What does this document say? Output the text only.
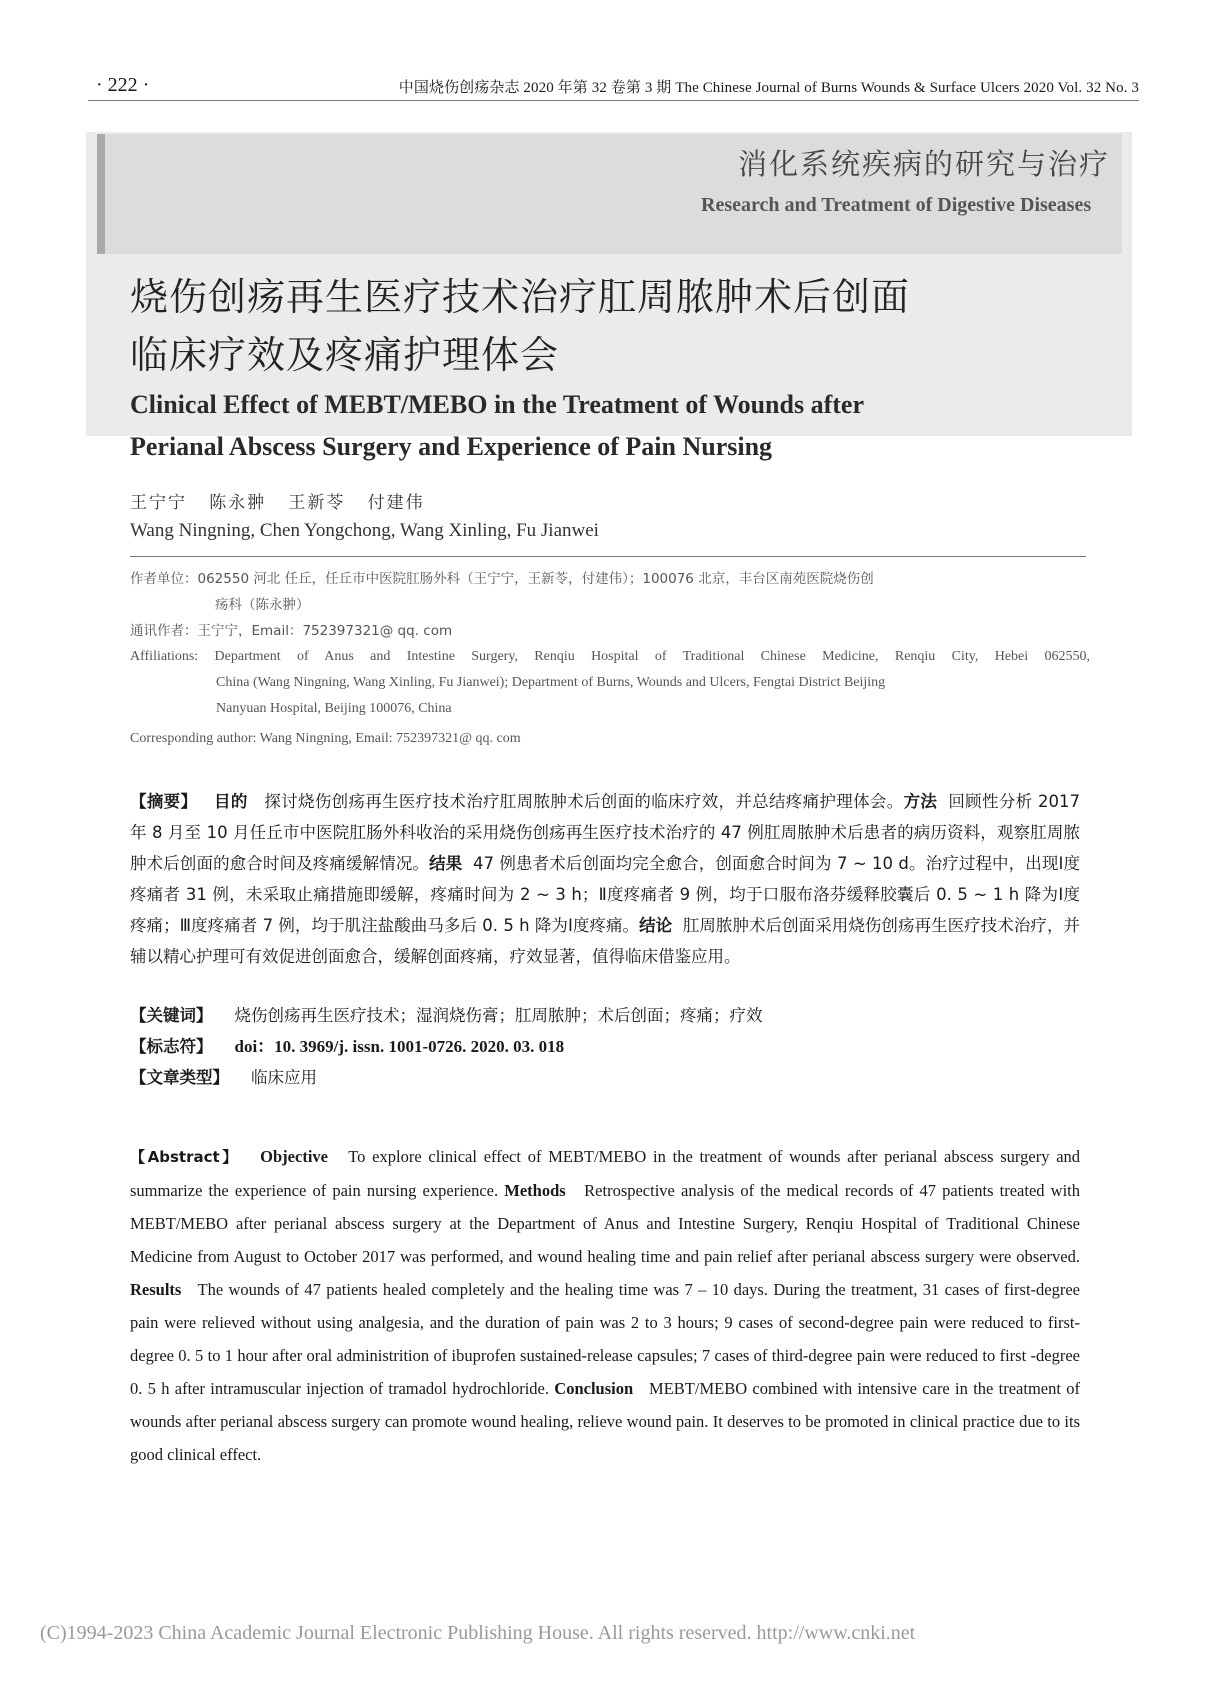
· 222 ·	中国烧伤创疡杂志 2020 年第 32 卷第 3 期 The Chinese Journal of Burns Wounds & Surface Ulcers 2020 Vol. 32 No. 3
消化系统疾病的研究与治疗
Research and Treatment of Digestive Diseases
烧伤创疡再生医疗技术治疗肛周脓肿术后创面
临床疗效及疼痛护理体会
Clinical Effect of MEBT/MEBO in the Treatment of Wounds after
Perianal Abscess Surgery and Experience of Pain Nursing
王宁宁   陈永翀   王新苓   付建伟
Wang Ningning, Chen Yongchong, Wang Xinling, Fu Jianwei
作者单位：062550 河北 任丘，任丘市中医院肛肠外科（王宁宁，王新苓，付建伟）；100076 北京，丰台区南苑医院烧伤创
疡科（陈永翀）
通讯作者：王宁宁，Email：752397321@ qq. com
Affiliations: Department of Anus and Intestine Surgery, Renqiu Hospital of Traditional Chinese Medicine, Renqiu City, Hebei 062550,
China (Wang Ningning, Wang Xinling, Fu Jianwei); Department of Burns, Wounds and Ulcers, Fengtai District Beijing
Nanyuan Hospital, Beijing 100076, China
Corresponding author: Wang Ningning, Email: 752397321@ qq. com
【摘要】 目的 探讨烧伤创疡再生医疗技术治疗肛周脓肿术后创面的临床疗效，并总结疼痛护理体会。方法 回顾性分析 2017 年 8 月至 10 月任丘市中医院肛肠外科收治的采用烧伤创疡再生医疗技术治疗的 47 例肛周脓肿术后患者的病历资料，观察肛周脓肿术后创面的愈合时间及疼痛缓解情况。结果 47 例患者术后创面均完全愈合，创面愈合时间为 7 ~ 10 d。治疗过程中，出现Ⅰ度疼痛者 31 例，未采取止痛措施即缓解，疼痛时间为 2 ~ 3 h；Ⅱ度疼痛者 9 例，均于口服布洛芬缓释胶囊后 0. 5 ~ 1 h 降为Ⅰ度疼痛；Ⅲ度疼痛者 7 例，均于肌注盐酸曲马多后 0. 5 h 降为Ⅰ度疼痛。结论 肛周脓肿术后创面采用烧伤创疡再生医疗技术治疗，并辅以精心护理可有效促进创面愈合，缓解创面疼痛，疗效显著，值得临床借鉴应用。
【关键词】 烧伤创疡再生医疗技术；湿润烧伤膏；肛周脓肿；术后创面；疼痛；疗效
【标志符】 doi：10. 3969/j. issn. 1001-0726. 2020. 03. 018
【文章类型】 临床应用
【Abstract】 Objective To explore clinical effect of MEBT/MEBO in the treatment of wounds after perianal abscess surgery and summarize the experience of pain nursing experience. Methods Retrospective analysis of the medical records of 47 patients treated with MEBT/MEBO after perianal abscess surgery at the Department of Anus and Intestine Surgery, Renqiu Hospital of Traditional Chinese Medicine from August to October 2017 was performed, and wound healing time and pain relief after perianal abscess surgery were observed. Results The wounds of 47 patients healed completely and the healing time was 7 – 10 days. During the treatment, 31 cases of first-degree pain were relieved without using analgesia, and the duration of pain was 2 to 3 hours; 9 cases of second-degree pain were reduced to first-degree 0. 5 to 1 hour after oral administrition of ibuprofen sustained-release capsules; 7 cases of third-degree pain were reduced to first -degree 0. 5 h after intramuscular injection of tramadol hydrochloride. Conclusion MEBT/MEBO combined with intensive care in the treatment of wounds after perianal abscess surgery can promote wound healing, relieve wound pain. It deserves to be promoted in clinical practice due to its good clinical effect.
(C)1994-2023 China Academic Journal Electronic Publishing House. All rights reserved. http://www.cnki.net
